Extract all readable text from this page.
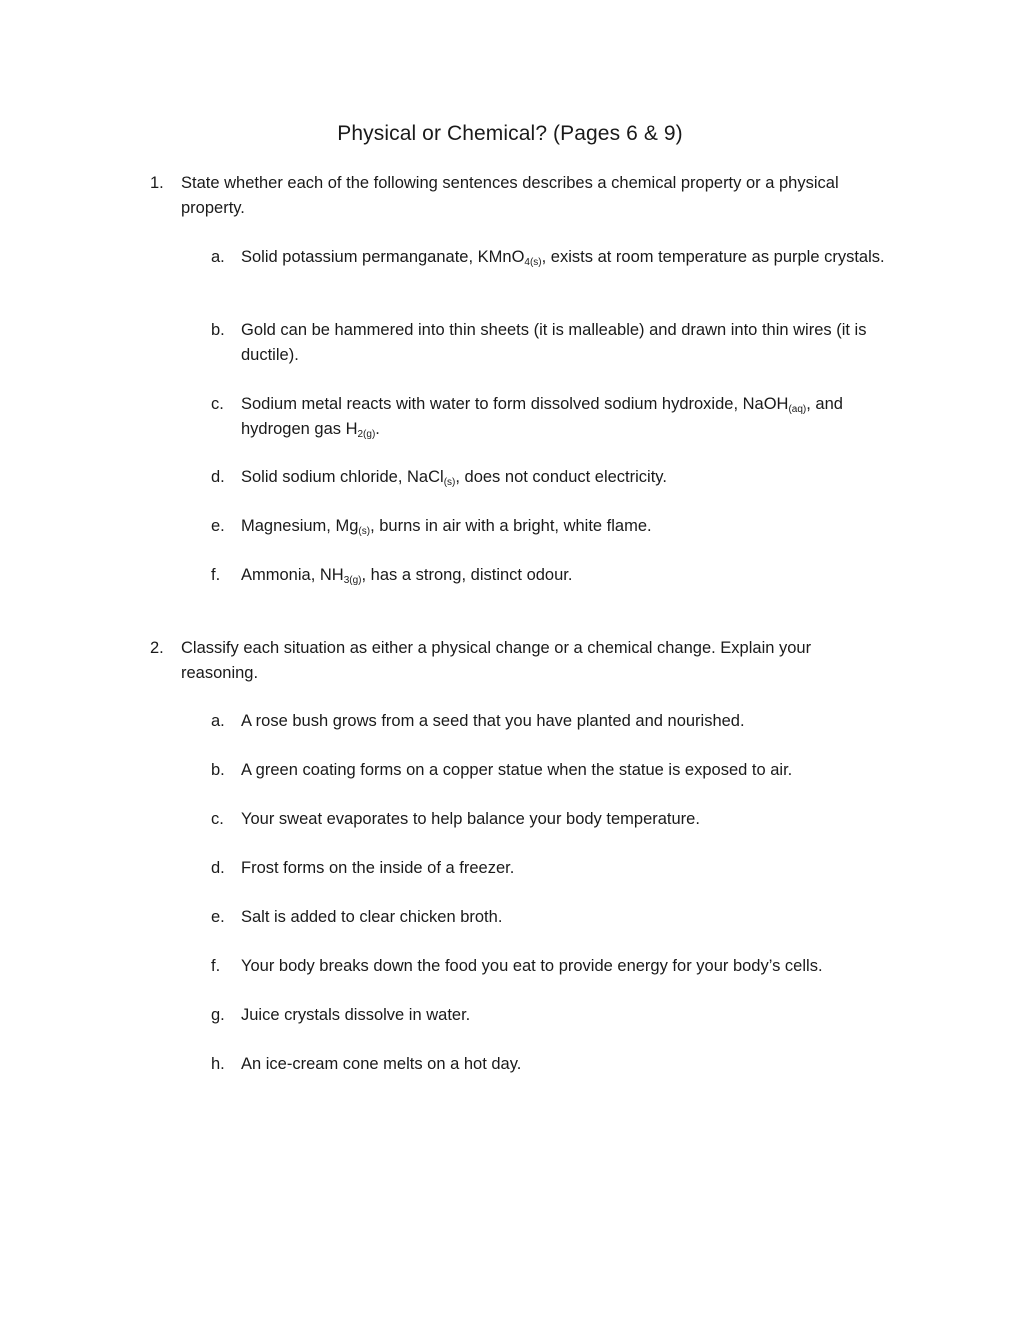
Physical or Chemical? (Pages 6 & 9)
1. State whether each of the following sentences describes a chemical property or a physical property.
a. Solid potassium permanganate, KMnO$_{4(s)}$, exists at room temperature as purple crystals.
b. Gold can be hammered into thin sheets (it is malleable) and drawn into thin wires (it is ductile).
c. Sodium metal reacts with water to form dissolved sodium hydroxide, NaOH$_{(aq)}$, and hydrogen gas $H_{2(g)}$.
d. Solid sodium chloride, NaCl$_{(s)}$, does not conduct electricity.
e. Magnesium, $Mg_{(s)}$, burns in air with a bright, white flame.
f. Ammonia, $NH_{3(g)}$, has a strong, distinct odour.
2. Classify each situation as either a physical change or a chemical change. Explain your reasoning.
a. A rose bush grows from a seed that you have planted and nourished.
b. A green coating forms on a copper statue when the statue is exposed to air.
c. Your sweat evaporates to help balance your body temperature.
d. Frost forms on the inside of a freezer.
e. Salt is added to clear chicken broth.
f. Your body breaks down the food you eat to provide energy for your body’s cells.
g. Juice crystals dissolve in water.
h. An ice-cream cone melts on a hot day.
